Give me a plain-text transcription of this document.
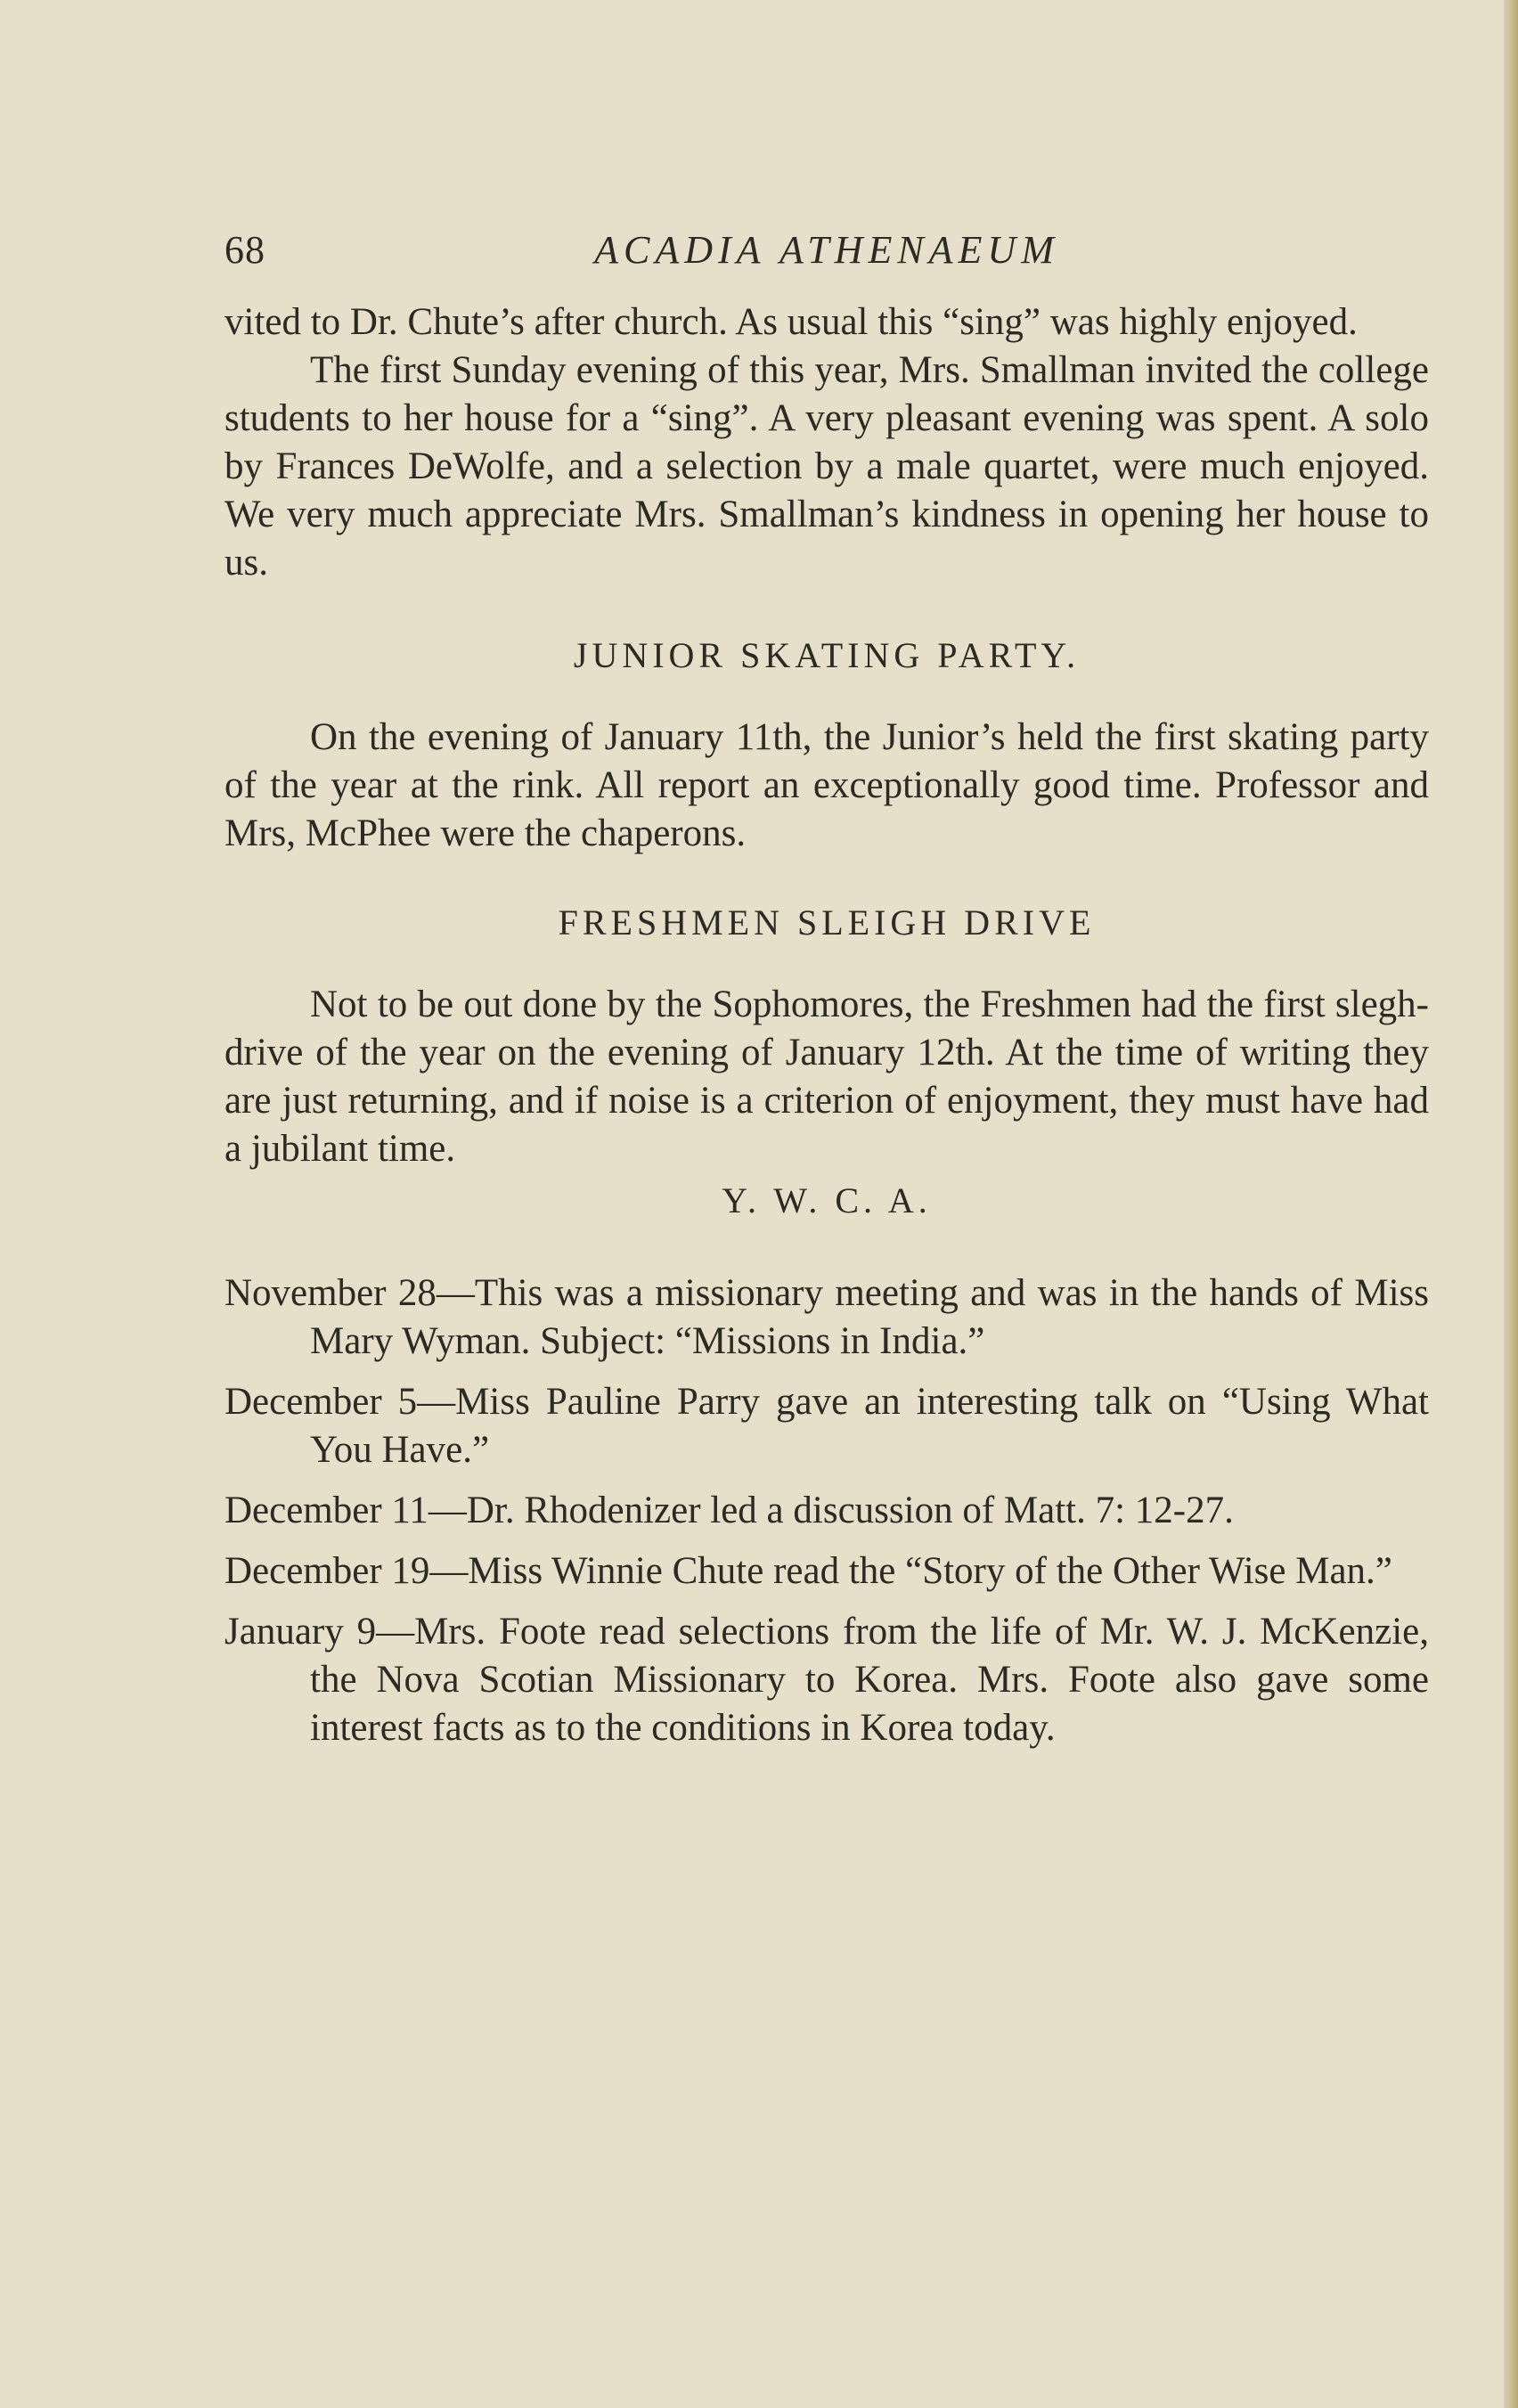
68	ACADIA ATHENAEUM

vited to Dr. Chute’s after church. As usual this “sing” was highly enjoyed.

The first Sunday evening of this year, Mrs. Smallman invited the college students to her house for a “sing”. A very pleasant evening was spent. A solo by Frances DeWolfe, and a selection by a male quartet, were much enjoyed. We very much appreciate Mrs. Smallman’s kindness in opening her house to us.

JUNIOR SKATING PARTY.

On the evening of January 11th, the Junior’s held the first skating party of the year at the rink. All report an exceptionally good time. Professor and Mrs, McPhee were the chaperons.

FRESHMEN SLEIGH DRIVE

Not to be out done by the Sophomores, the Freshmen had the first slegh-drive of the year on the evening of January 12th. At the time of writing they are just returning, and if noise is a criterion of enjoyment, they must have had a jubilant time.

Y. W. C. A.
November 28—This was a missionary meeting and was in the hands of Miss Mary Wyman. Subject: “Missions in India.”
December 5—Miss Pauline Parry gave an interesting talk on “Using What You Have.”
December 11—Dr. Rhodenizer led a discussion of Matt. 7: 12-27.
December 19—Miss Winnie Chute read the “Story of the Other Wise Man.”
January 9—Mrs. Foote read selections from the life of Mr. W. J. McKenzie, the Nova Scotian Missionary to Korea. Mrs. Foote also gave some interest facts as to the conditions in Korea today.
